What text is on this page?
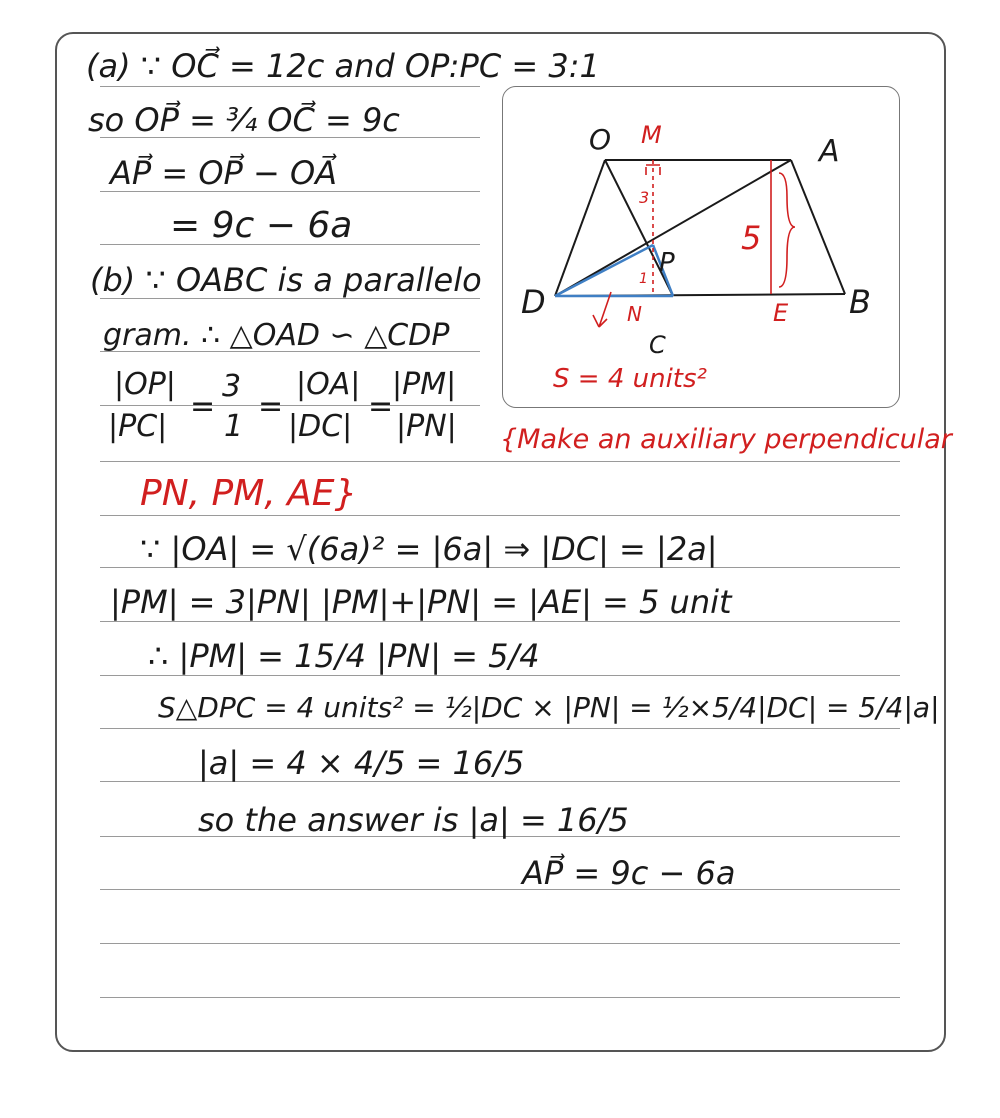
(a) ∵ OC⃗ = 12c and OP:PC = 3:1
so OP⃗ = ¾ OC⃗ = 9c
AP⃗ = OP⃗ − OA⃗
= 9c − 6a
(b) ∵ OABC is a parallelo
gram. ∴ △OAD ∽ △CDP
|OP|
|PC|
=
3
1
=
|OA|
|DC|
=
|PM|
|PN| {Make an auxiliary perpendicular
PN, PM, AE}
∵ |OA| = √(6a)² = |6a| ⇒ |DC| = |2a|
|PM| = 3|PN| |PM|+|PN| = |AE| = 5 unit
∴ |PM| = 15/4 |PN| = 5/4
S△DPC = 4 units² = ½|DC × |PN| = ½×5/4|DC| = 5/4|a|
|a| = 4 × 4/5 = 16/5
so the answer is |a| = 16/5
AP⃗ = 9c − 6a
O M	A
D
P
N
C
E B
5
3
1
S = 4 units²
